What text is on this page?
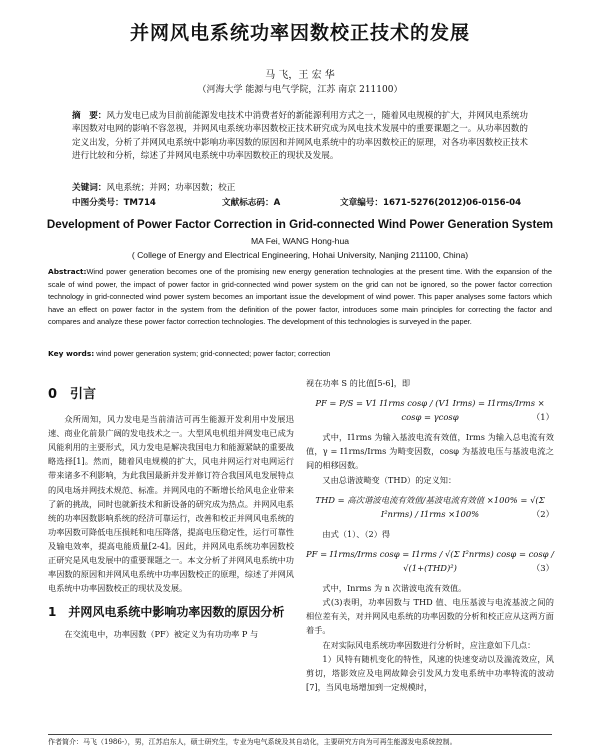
并网风电系统功率因数校正技术的发展
马 飞，王 宏 华
（河海大学 能源与电气学院，江苏 南京 211100）
摘　要：风力发电已成为目前前能源发电技术中消费者好的新能源利用方式之一，随着风电规模的扩大，并网风电系统功率因数对电网的影响不容忽视，并网风电系统功率因数校正技术研究成为风电技术发展中的重要课题之一。从功率因数的定义出发，分析了并网风电系统中影响功率因数的原因和并网风电系统中的功率因数校正的原理，对各功率因数校正技术进行比较和分析，综述了并网风电系统中功率因数校正的现状及发展。
关键词：风电系统；并网；功率因数；校正
中图分类号：TM714	文献标志码：A	文章编号：1671-5276(2012)06-0156-04
Development of Power Factor Correction in Grid-connected Wind Power Generation System
MA Fei, WANG Hong-hua
( College of Energy and Electrical Engineering, Hohai University, Nanjing 211100, China)
Abstract:Wind power generation becomes one of the promising new energy generation technologies at the present time. With the expansion of the scale of wind power, the impact of power factor in grid-connected wind power system on the grid can not be ignored, so the power factor correction technology in grid-connected wind power system becomes an important issue the development of wind power. This paper analyses some factors which have an effect on power factor in the system from the definition of the power factor, introduces some main principles for correcting the factor and compares and analyze these power factor correction technologies. The development of this technologies is surveyed in the paper.
Key words: wind power generation system; grid-connected; power factor; correction
0　引言

众所周知，风力发电是当前清洁可再生能源开发利用中发展迅速、商业化前景广阔的发电技术之一。大型风电机组并网发电已成为风能利用的主要形式，风力发电是解决我国电力和能源紧缺的重要战略选择[1]。然而，随着风电规模的扩大，风电并网运行对电网运行带来诸多不利影响，为此我国最新并发并修订符合我国风电发展特点的风电场并网技术规范、标准。并网风电的不断增长给风电企业带来了新的挑战，同时也就新技术和新设备的研究成为热点。并网风电系统的功率因数影响系统的经济可靠运行，改善和校正并网风电系统的功率因数可降低电压损耗和电压降落，提高电压稳定性，运行可靠性及输电效率，提高电能质量[2-4]。因此，并网风电系统功率因数校正研究是风电发展中的重要课题之一。本文分析了并网风电系统中功率因数的原因和并网风电系统中功率因数校正的原理，综述了并网风电系统中功率因数校正的现状及发展。

1　并网风电系统中影响功率因数的原因分析

在交流电中，功率因数（PF）被定义为有功功率 P 与

视在功率 S 的比值[5-6]，即
PF = P/S = V1 I1rms cosφ / (V1 Irms) = I1rms/Irms × cosφ = γcosφ	（1）

式中，I1rms 为输入基波电流有效值，Irms 为输入总电流有效值，γ = I1rms/Irms 为畸变因数，cosφ 为基波电压与基波电流之间的相移因数。

又由总谐波畸变（THD）的定义知：

THD = 高次谐波电流有效值/基波电流有效值 ×100% = √(Σ I²nrms) / I1rms ×100%	（2）

由式（1）、（2）得

PF = I1rms/Irms cosφ = I1rms / √(Σ I²nrms) cosφ = cosφ / √(1+(THD)²)	（3）

式中，Inrms 为 n 次谐波电流有效值。

式(3)表明，功率因数与 THD 值、电压基波与电流基波之间的相位差有关，对并网风电系统的功率因数的分析和校正应从这两方面着手。

在对实际风电系统功率因数进行分析时，应注意如下几点：

1）风特有随机变化的特性，风速的快速变动以及湍流效应，风剪切，塔影效应及电网故障会引发风力发电系统中功率特流的波动[7]，当风电场增加到一定规模时，

作者简介：马飞（1986-），男，江苏启东人，硕士研究生，专业为电气系统及其自动化，主要研究方向为可再生能源发电系统控制。
